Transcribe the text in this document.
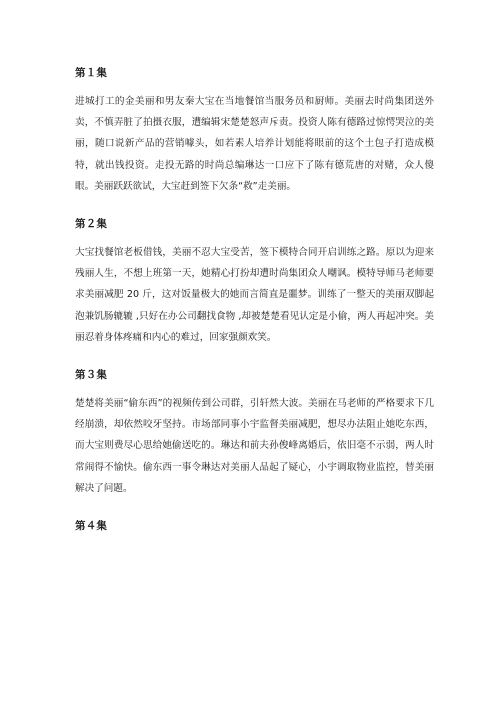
第１集

进城打工的金美丽和男友秦大宝在当地餐馆当服务员和厨师。美丽去时尚集团送外卖，不慎弄脏了拍摄衣服，遭编辑宋楚楚怒声斥责。投资人陈有德路过惊愕哭泣的美丽，随口说新产品的营销噱头，如若素人培养计划能将眼前的这个土包子打造成模特，就出钱投资。走投无路的时尚总编琳达一口应下了陈有德荒唐的对赌，众人傻眼。美丽跃跃欲试，大宝赶到签下欠条“救”走美丽。

第２集

大宝找餐馆老板借钱，美丽不忍大宝受苦，签下模特合同开启训练之路。原以为迎来残丽人生，不想上班第一天，她精心打扮却遭时尚集团众人嘲讽。模特导师马老师要求美丽减肥 20 斤，这对饭量极大的她而言简直是噩梦。训练了一整天的美丽双脚起泡兼饥肠辘辘 ,只好在办公司翻找食物 ,却被楚楚看见认定是小偷，两人再起冲突。美丽忍着身体疼痛和内心的难过，回家强颜欢笑。

第３集

楚楚将美丽“偷东西”的视频传到公司群，引轩然大波。美丽在马老师的严格要求下几经崩溃，却依然咬牙坚持。市场部同事小宇监督美丽减肥，想尽办法阻止她吃东西，而大宝则费尽心思给她偷送吃的。琳达和前夫孙俊峰离婚后，依旧毫不示弱，两人时常闹得不愉快。偷东西一事令琳达对美丽人品起了疑心，小宇调取物业监控，替美丽解决了问题。

第４集
